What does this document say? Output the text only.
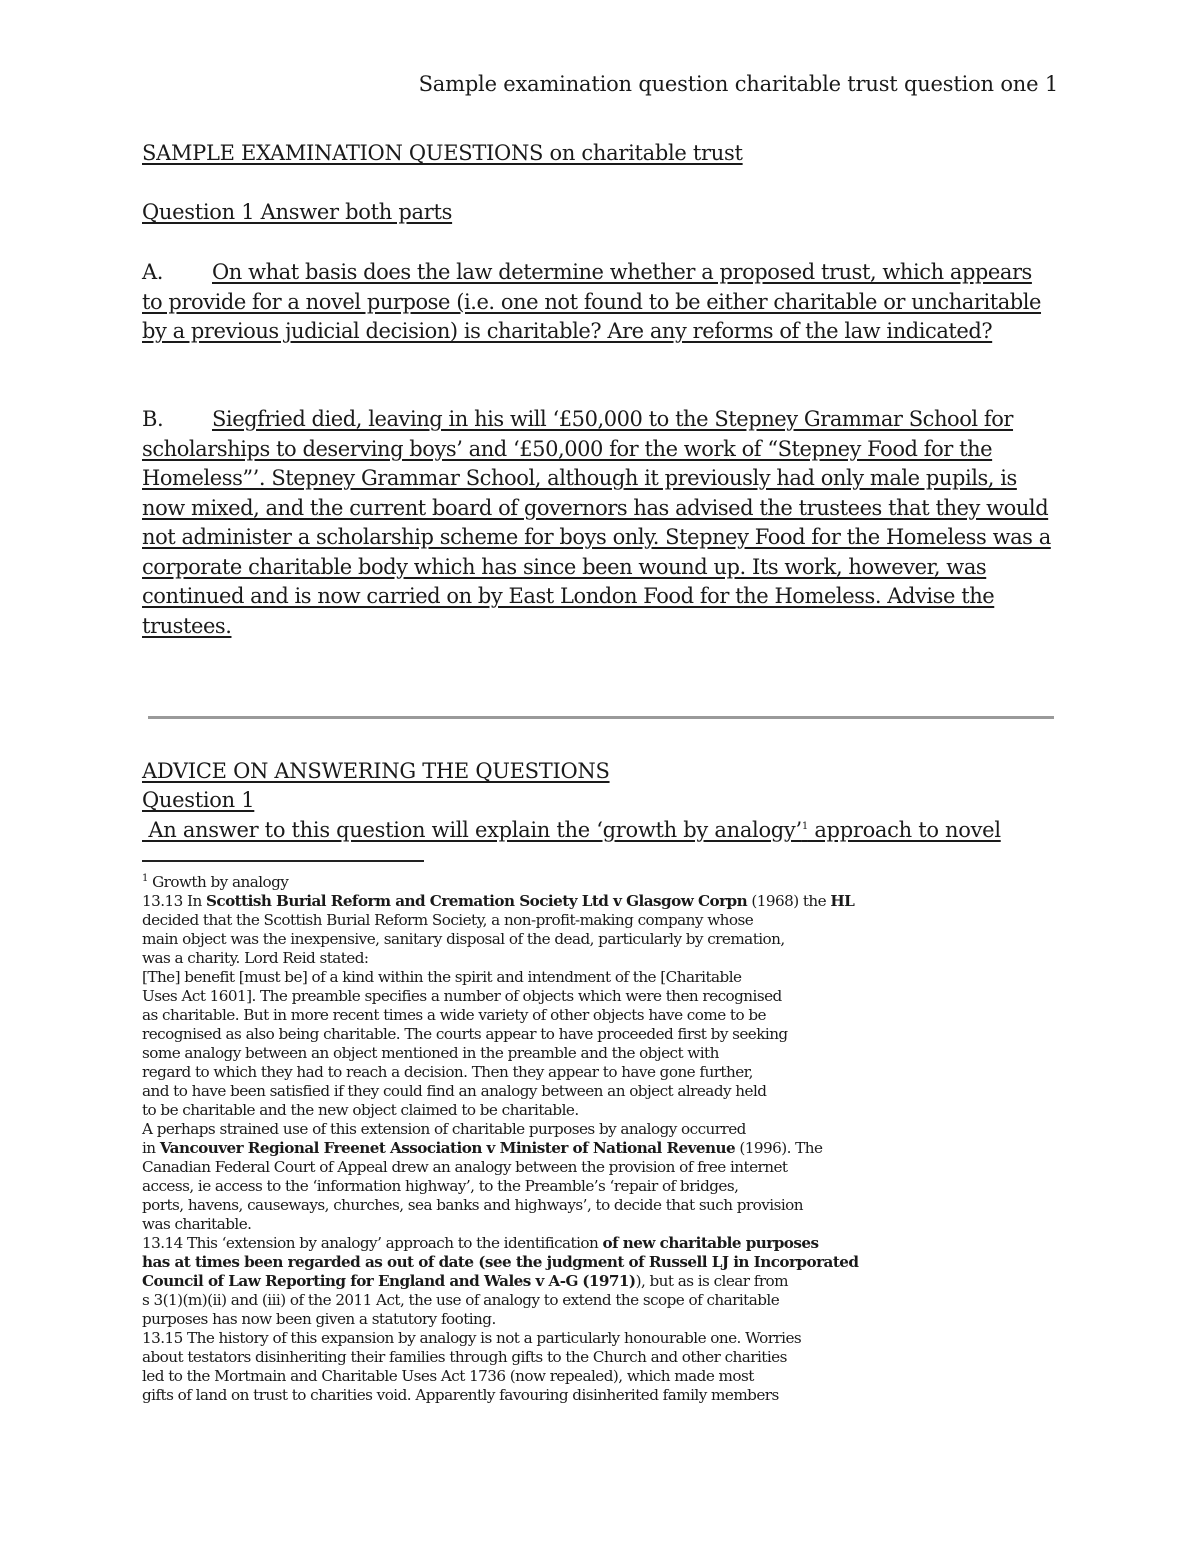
Sample examination question charitable trust question one 1
SAMPLE EXAMINATION QUESTIONS on charitable trust
Question 1 Answer both parts
A. On what basis does the law determine whether a proposed trust, which appears to provide for a novel purpose (i.e. one not found to be either charitable or uncharitable by a previous judicial decision) is charitable? Are any reforms of the law indicated?
B. Siegfried died, leaving in his will ‘£50,000 to the Stepney Grammar School for scholarships to deserving boys’ and ‘£50,000 for the work of “Stepney Food for the Homeless”’. Stepney Grammar School, although it previously had only male pupils, is now mixed, and the current board of governors has advised the trustees that they would not administer a scholarship scheme for boys only. Stepney Food for the Homeless was a corporate charitable body which has since been wound up. Its work, however, was continued and is now carried on by East London Food for the Homeless. Advise the trustees.
ADVICE ON ANSWERING THE QUESTIONS
Question 1
An answer to this question will explain the ‘growth by analogy’$^1$ approach to novel

$^1$ Growth by analogy

13.13 In Scottish Burial Reform and Cremation Society Ltd v Glasgow Corpn (1968) the HL

decided that the Scottish Burial Reform Society, a non-profit-making company whose

main object was the inexpensive, sanitary disposal of the dead, particularly by cremation,

was a charity. Lord Reid stated:

[The] benefit [must be] of a kind within the spirit and intendment of the [Charitable

Uses Act 1601]. The preamble specifies a number of objects which were then recognised

as charitable. But in more recent times a wide variety of other objects have come to be

recognised as also being charitable. The courts appear to have proceeded first by seeking

some analogy between an object mentioned in the preamble and the object with

regard to which they had to reach a decision. Then they appear to have gone further,

and to have been satisfied if they could find an analogy between an object already held

to be charitable and the new object claimed to be charitable.

A perhaps strained use of this extension of charitable purposes by analogy occurred

in Vancouver Regional Freenet Association v Minister of National Revenue (1996). The

Canadian Federal Court of Appeal drew an analogy between the provision of free internet

access, ie access to the ‘information highway’, to the Preamble’s ‘repair of bridges,

ports, havens, causeways, churches, sea banks and highways’, to decide that such provision

was charitable.

13.14 This ‘extension by analogy’ approach to the identification of new charitable purposes

has at times been regarded as out of date (see the judgment of Russell LJ in Incorporated

Council of Law Reporting for England and Wales v A-G (1971)), but as is clear from

s 3(1)(m)(ii) and (iii) of the 2011 Act, the use of analogy to extend the scope of charitable

purposes has now been given a statutory footing.

13.15 The history of this expansion by analogy is not a particularly honourable one. Worries

about testators disinheriting their families through gifts to the Church and other charities

led to the Mortmain and Charitable Uses Act 1736 (now repealed), which made most

gifts of land on trust to charities void. Apparently favouring disinherited family members
